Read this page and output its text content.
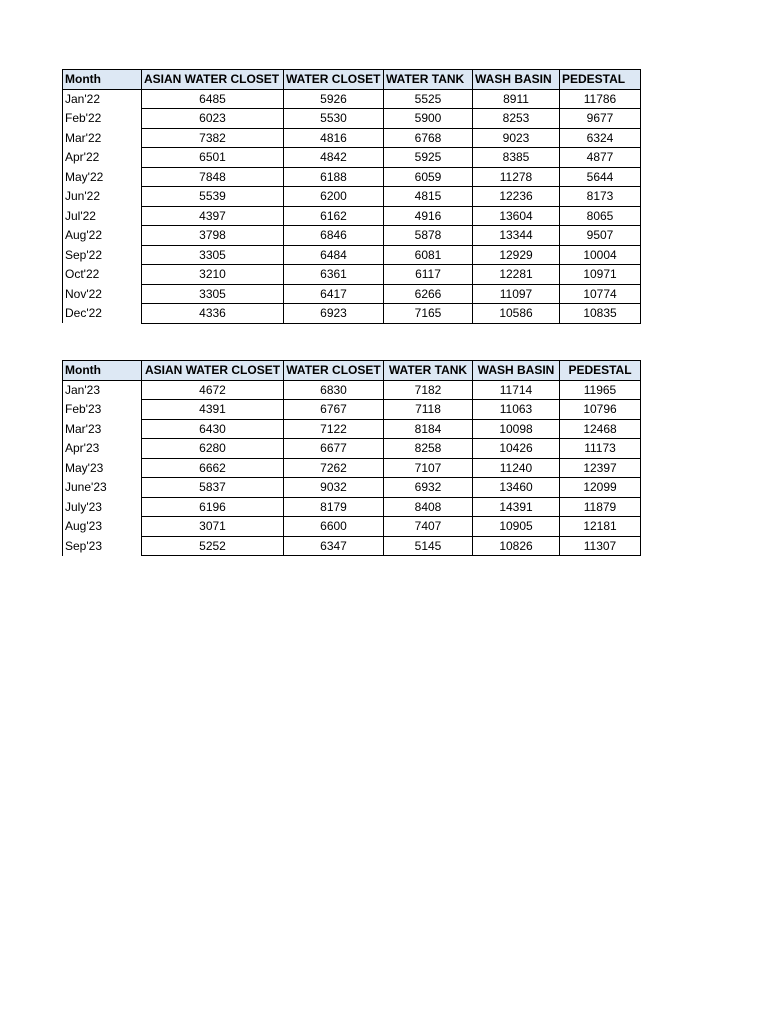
Month	ASIAN WATER CLOSET	WATER CLOSET	WATER TANK	WASH BASIN	PEDESTAL
Jan'22	6485	5926	5525	8911	11786
Feb'22	6023	5530	5900	8253	9677
Mar'22	7382	4816	6768	9023	6324
Apr'22	6501	4842	5925	8385	4877
May'22	7848	6188	6059	11278	5644
Jun'22	5539	6200	4815	12236	8173
Jul'22	4397	6162	4916	13604	8065
Aug'22	3798	6846	5878	13344	9507
Sep'22	3305	6484	6081	12929	10004
Oct'22	3210	6361	6117	12281	10971
Nov'22	3305	6417	6266	11097	10774
Dec'22	4336	6923	7165	10586	10835
Month	ASIAN WATER CLOSET	WATER CLOSET	WATER TANK	WASH BASIN	PEDESTAL
Jan'23	4672	6830	7182	11714	11965
Feb'23	4391	6767	7118	11063	10796
Mar'23	6430	7122	8184	10098	12468
Apr'23	6280	6677	8258	10426	11173
May'23	6662	7262	7107	11240	12397
June'23	5837	9032	6932	13460	12099
July'23	6196	8179	8408	14391	11879
Aug'23	3071	6600	7407	10905	12181
Sep'23	5252	6347	5145	10826	11307
